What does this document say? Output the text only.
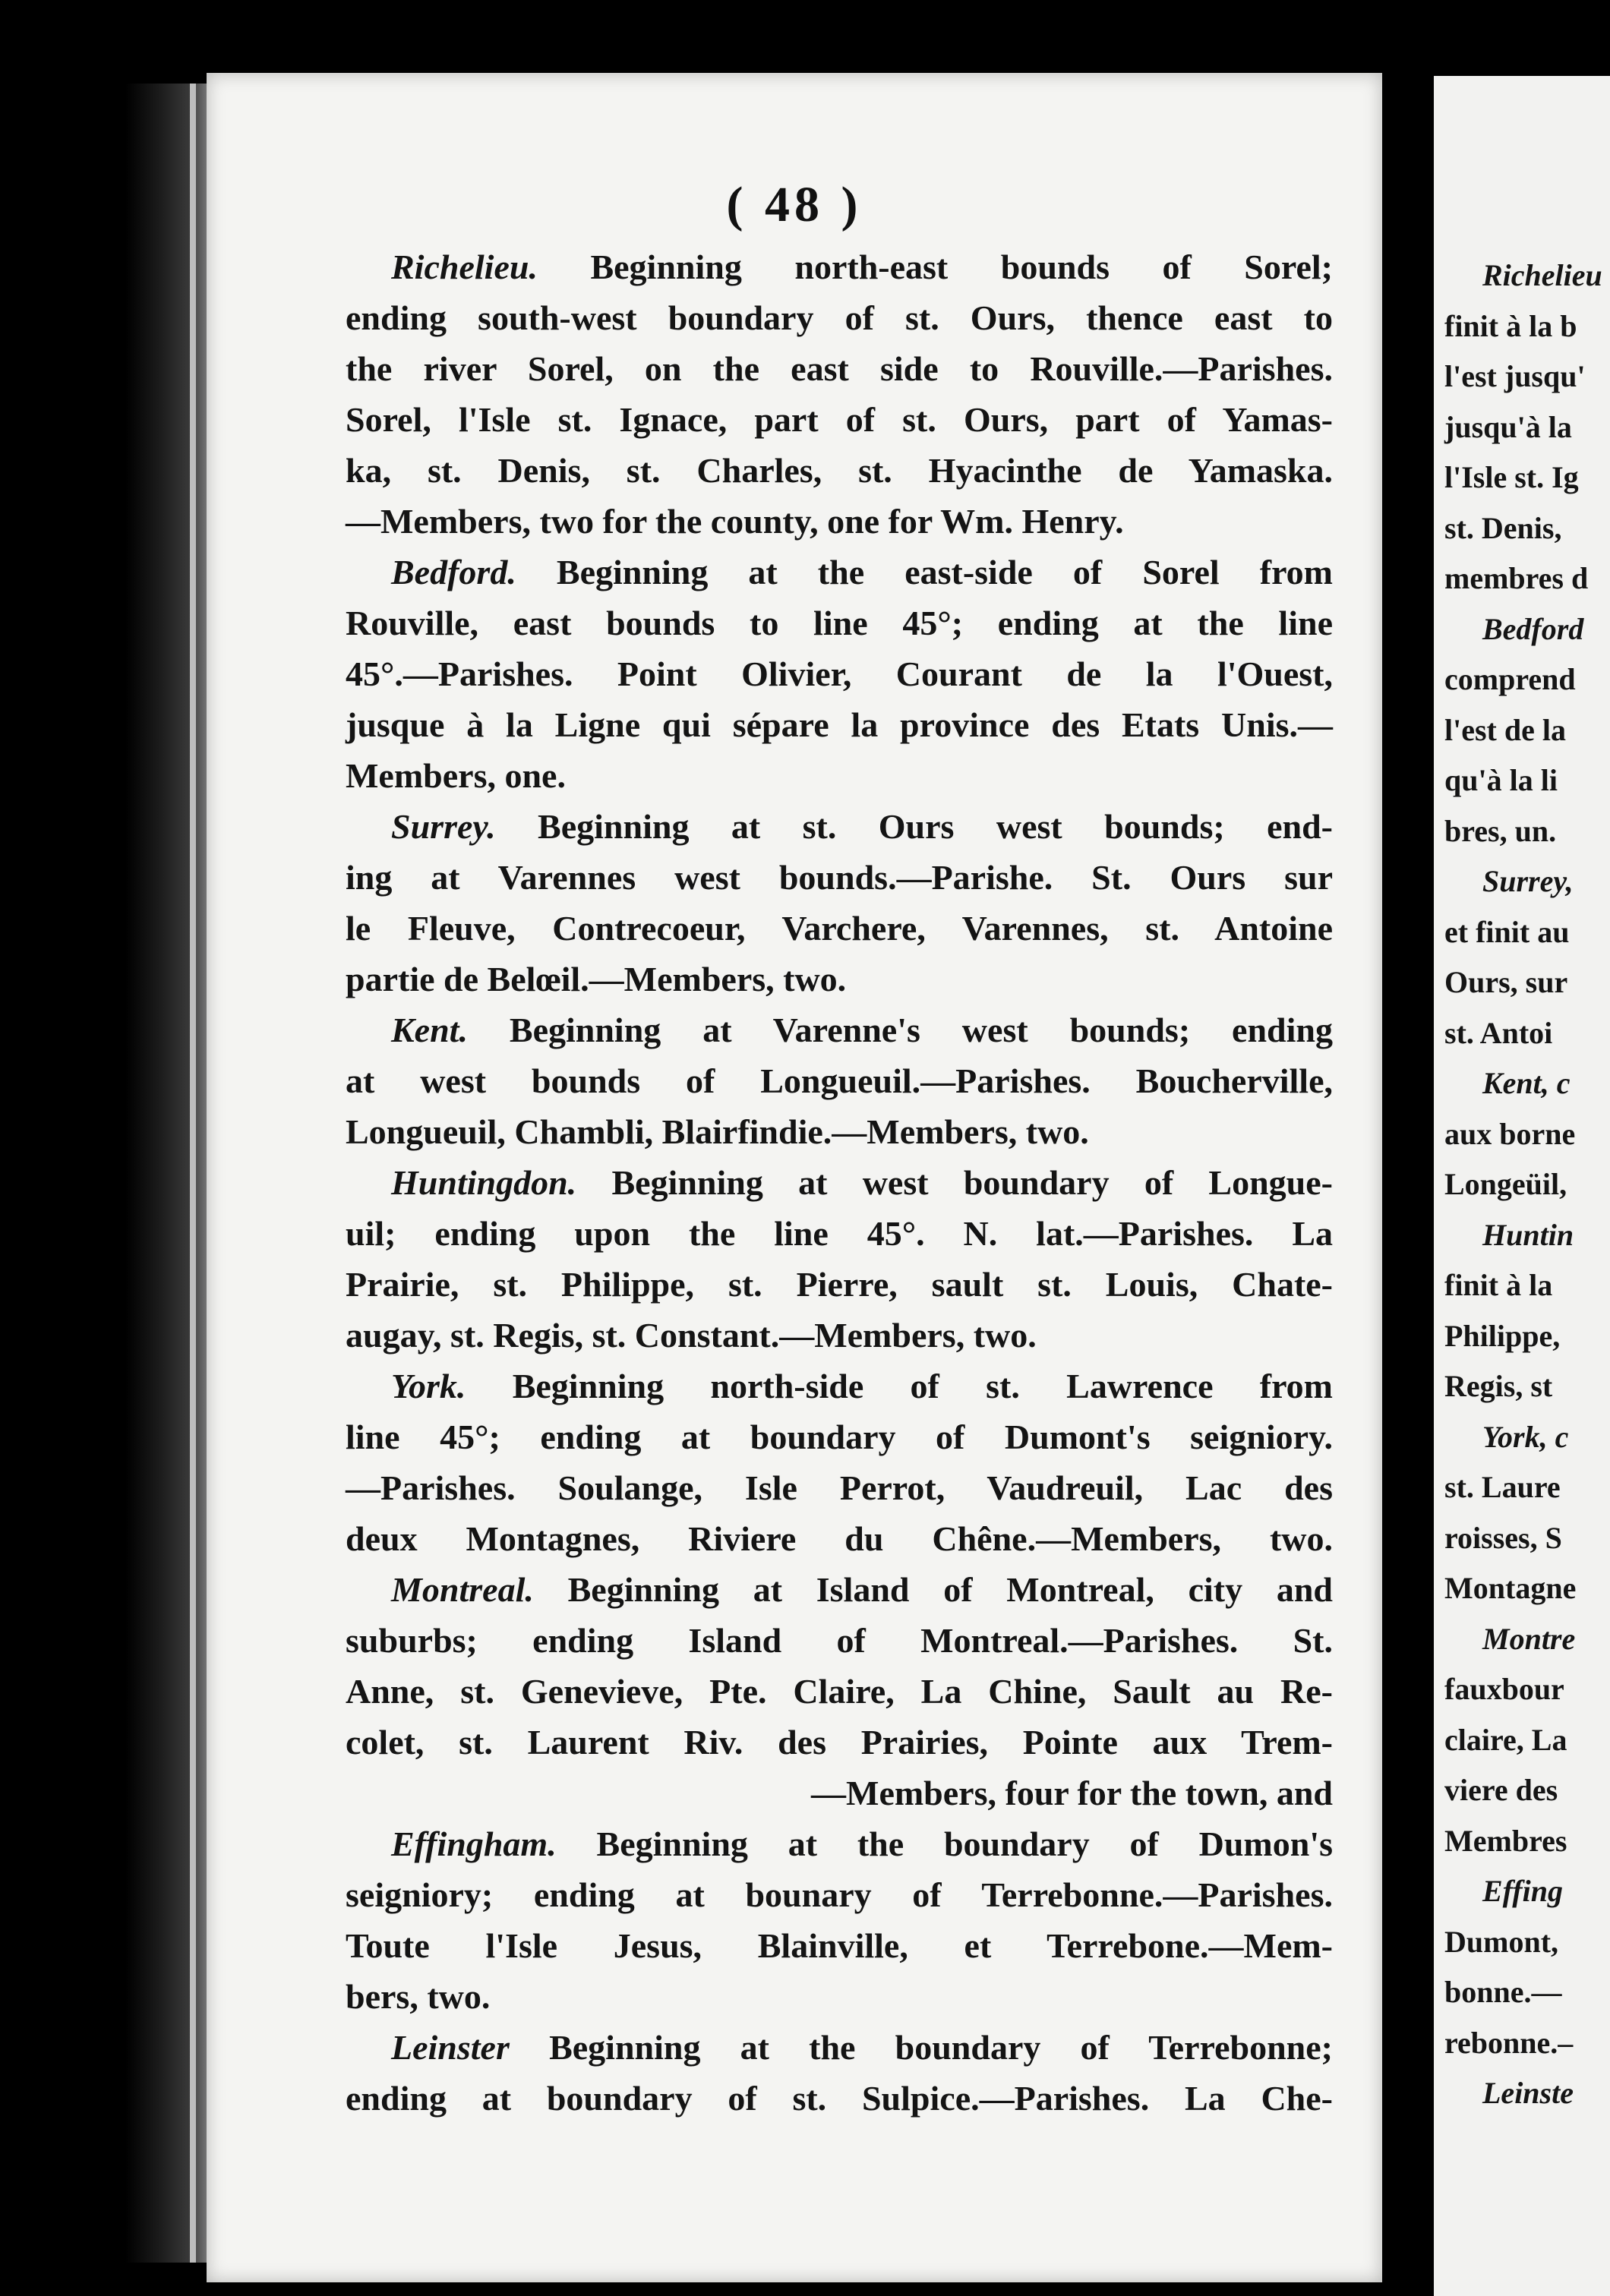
( 48 )
Richelieu. Beginning north-east bounds of Sorel;
ending south-west boundary of st. Ours, thence east to
the river Sorel, on the east side to Rouville.—Parishes.
Sorel, l'Isle st. Ignace, part of st. Ours, part of Yamas-
ka, st. Denis, st. Charles, st. Hyacinthe de Yamaska.
—Members, two for the county, one for Wm. Henry.
Bedford. Beginning at the east-side of Sorel from
Rouville, east bounds to line 45°; ending at the line
45°.—Parishes. Point Olivier, Courant de la l'Ouest,
jusque à la Ligne qui sépare la province des Etats Unis.—
Members, one.
Surrey. Beginning at st. Ours west bounds; end-
ing at Varennes west bounds.—Parishe. St. Ours sur
le Fleuve, Contrecoeur, Varchere, Varennes, st. Antoine
partie de Belœil.—Members, two.
Kent. Beginning at Varenne's west bounds; ending
at west bounds of Longueuil.—Parishes. Boucherville,
Longueuil, Chambli, Blairfindie.—Members, two.
Huntingdon. Beginning at west boundary of Longue-
uil; ending upon the line 45°. N. lat.—Parishes. La
Prairie, st. Philippe, st. Pierre, sault st. Louis, Chate-
augay, st. Regis, st. Constant.—Members, two.
York. Beginning north-side of st. Lawrence from
line 45°; ending at boundary of Dumont's seigniory.
—Parishes. Soulange, Isle Perrot, Vaudreuil, Lac des
deux Montagnes, Riviere du Chêne.—Members, two.
Montreal. Beginning at Island of Montreal, city and
suburbs; ending Island of Montreal.—Parishes. St.
Anne, st. Genevieve, Pte. Claire, La Chine, Sault au Re-
colet, st. Laurent Riv. des Prairies, Pointe aux Trem-
—Members, four for the town, and
Effingham. Beginning at the boundary of Dumon's
seigniory; ending at bounary of Terrebonne.—Parishes.
Toute l'Isle Jesus, Blainville, et Terrebone.—Mem-
bers, two.
Leinster Beginning at the boundary of Terrebonne;
ending at boundary of st. Sulpice.—Parishes. La Che-
Richelieu
finit à la b
l'est jusqu'
jusqu'à la
l'Isle st. Ig
st. Denis,
membres d
Bedford
comprend
l'est de la
qu'à la li
bres, un.
Surrey,
et finit au
Ours, sur
st. Antoi
Kent, c
aux borne
Longeüil,
Huntin
finit à la
Philippe,
Regis, st
York, c
st. Laure
roisses, S
Montagne
Montre
fauxbour
claire, La
viere des
Membres
Effing
Dumont,
bonne.—
rebonne.–
Leinste
